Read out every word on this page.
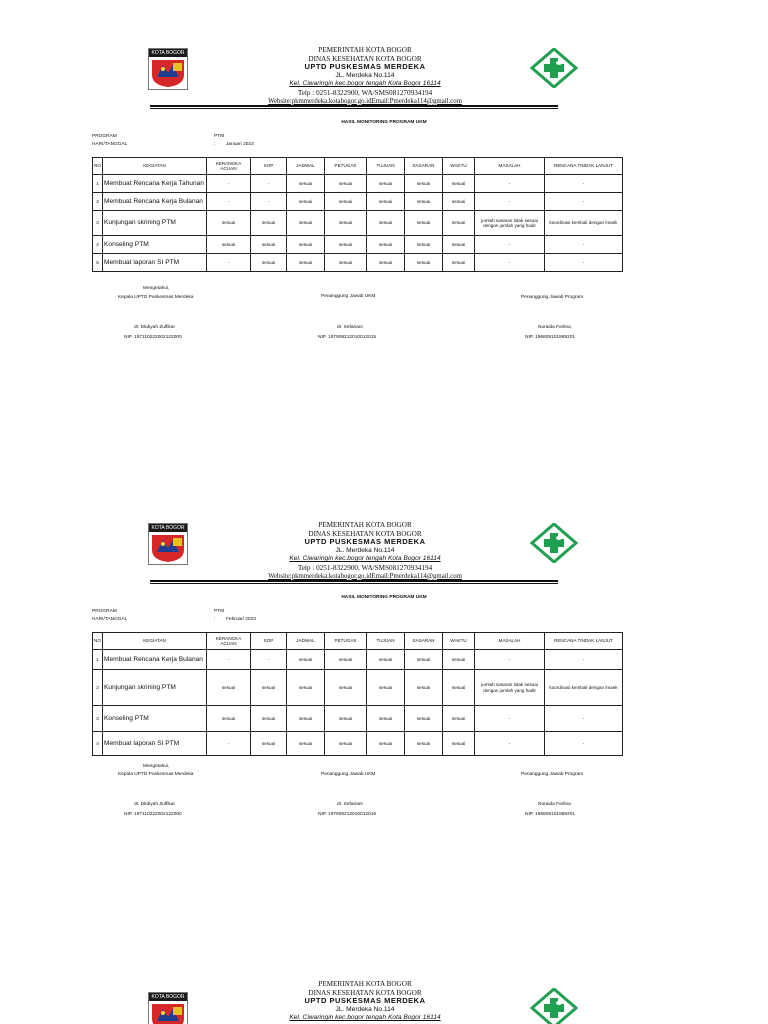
KOTA BOGOR	PEMERINTAH KOTA BOGOR
DINAS KESEHATAN KOTA BOGOR
UPTD PUSKESMAS MERDEKA
JL. Merdeka No.114
Kel. Ciwaringin kec.bogor tengah Kota Bogor 16114
Telp : 0251-8322900, WA/SMS081270934194
Website:pkmmerdeka.kotabogor.go.idEmail:Pmerdeka114@gmail.com
HASIL MONITORING PROGRAM UKM
PROGRAM	PTM
HARI/TANGGAL	: Januari 2023
NO	KEGIATAN	KERANGKA ACUAN	SOP	JADWAL	PETUGAS	TUJUAN	SASARAN	WAKTU	MASALAH	RENCANA TINDAK LANJUT
1	Membuat Rencana Kerja Tahunan	-	-	sesuai	sesuai	sesuai	sesuai	sesuai	-	-
2	Membuat Rencana Kerja Bulanan	-	-	sesuai	sesuai	sesuai	sesuai	sesuai	-	-
3	Kunjungan skrining PTM	sesuai	sesuai	sesuai	sesuai	sesuai	sesuai	sesuai	jumlah sasaran tidak sesuai dengan jumlah yang hadir	koordinasi kembali dengan lmaek
4	Konseling PTM	sesuai	sesuai	sesuai	sesuai	sesuai	sesuai	sesuai	-	-
5	Membuat laporan SI PTM	-	sesuai	sesuai	sesuai	sesuai	sesuai	sesuai	-	-
Mengetahui,
Kepala UPTD Puskesmas Merdeka	Penanggung Jawab UKM	Penanggung Jawab Program
dr. Dkdiyah Zulfikar
NIP. 197110222002122000
dr. Sefariani
NIP. 197909212010012015
Nuraida Farlina
NIP. 196809101989201
KOTA BOGOR	PEMERINTAH KOTA BOGOR
DINAS KESEHATAN KOTA BOGOR
UPTD PUSKESMAS MERDEKA
JL. Merdeka No.114
Kel. Ciwaringin kec.bogor tengah Kota Bogor 16114
Telp : 0251-8322900, WA/SMS081270934194
Website:pkmmerdeka.kotabogor.go.idEmail:Pmerdeka114@gmail.com
HASIL MONITORING PROGRAM UKM
PROGRAM	PTM
HARI/TANGGAL	: Februari 2023
NO	KEGIATAN	KERANGKA ACUAN	SOP	JADWAL	PETUGAS	TUJUAN	SASARAN	WAKTU	MASALAH	RENCANA TINDAK LANJUT
1	Membuat Rencana Kerja Bulanan	-	-	sesuai	sesuai	sesuai	sesuai	sesuai	-	-
2	Kunjungan skrining PTM	sesuai	sesuai	sesuai	sesuai	sesuai	sesuai	sesuai	jumlah sasaran tidak sesuai dengan jumlah yang hadir	koordinasi kembali dengan lmaek
3	Konseling PTM	sesuai	sesuai	sesuai	sesuai	sesuai	sesuai	sesuai	-	-
4	Membuat laporan SI PTM	-	sesuai	sesuai	sesuai	sesuai	sesuai	sesuai	-	-
Mengetahui,
Kepala UPTD Puskesmas Merdeka	Penanggung Jawab UKM	Penanggung Jawab Program
dr. Dkdiyah Zulfikar
NIP. 197110222002122000
dr. Sefariani
NIP. 197909212010012015
Nuraida Farlina
NIP. 196809101989201
KOTA BOGOR
PEMERINTAH KOTA BOGOR
DINAS KESEHATAN KOTA BOGOR
UPTD PUSKESMAS MERDEKA
JL. Merdeka No.114
Kel. Ciwaringin kec.bogor tengah Kota Bogor 16114
